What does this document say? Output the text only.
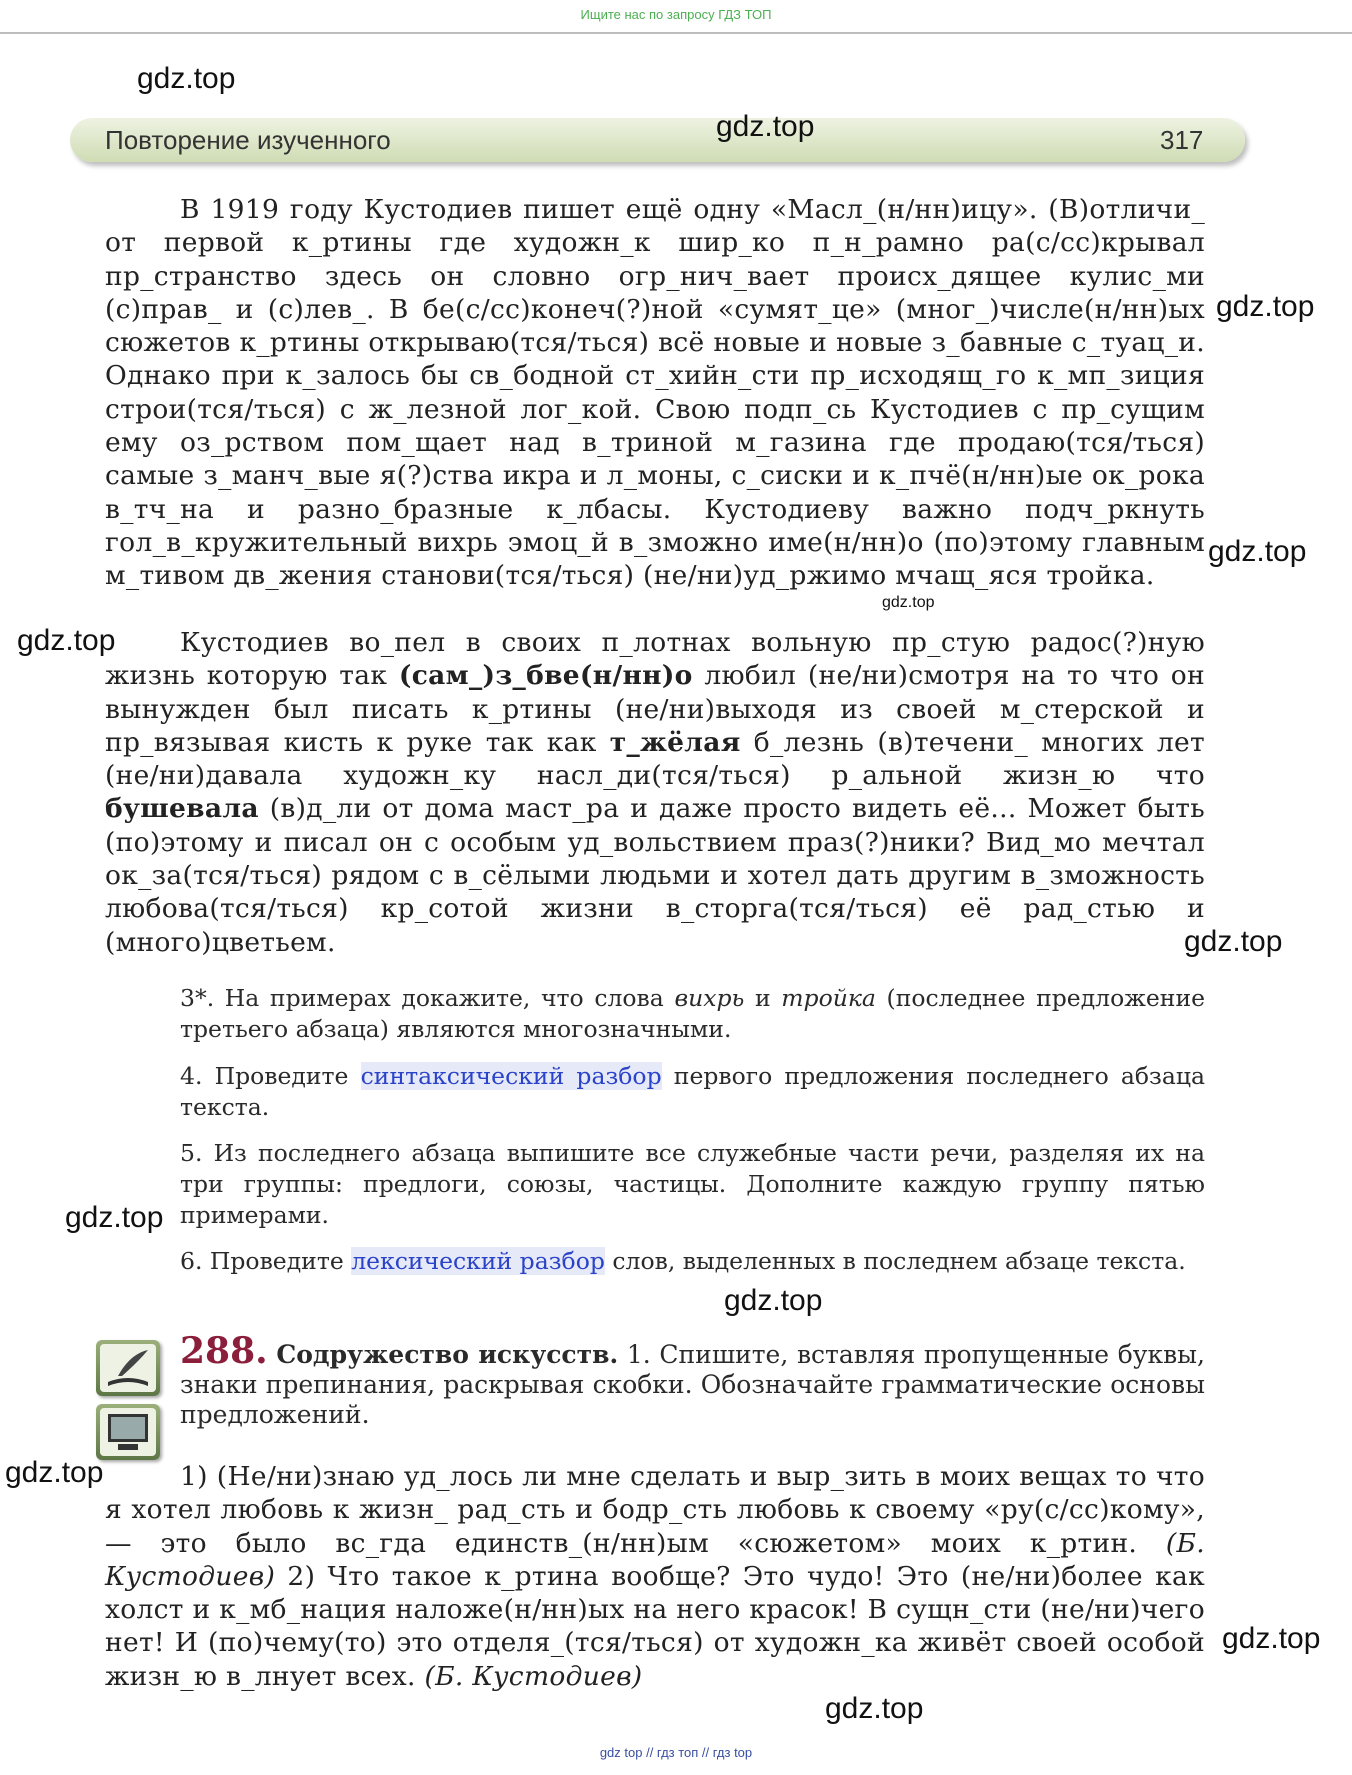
Ищите нас по запросу ГДЗ ТОП
Повторение изученного	317

В 1919 году Кустодиев пишет ещё одну «Масл_(н/нн)ицу». (В)отличи_ от первой к_ртины где художн_к шир_ко п_н_рамно ра(с/сс)крывал пр_странство здесь он словно огр_нич_вает происх_дящее кулис_ми (с)прав_ и (с)лев_. В бе(с/сс)конеч(?)ной «сумят_це» (мног_)числе(н/нн)ых сюжетов к_ртины открываю(тся/ться) всё новые и новые з_бавные с_туац_и. Однако при к_залось бы св_бодной ст_хийн_сти пр_исходящ_го к_мп_зиция строи(тся/ться) с ж_лезной лог_кой. Свою подп_сь Кустодиев с пр_сущим ему оз_рством пом_щает над в_триной м_газина где продаю(тся/ться) самые з_манч_вые я(?)ства икра и л_моны, с_сиски и к_пчё(н/нн)ые ок_рока в_тч_на и разно_бразные к_лбасы. Кустодиеву важно подч_ркнуть гол_в_кружительный вихрь эмоц_й в_зможно име(н/нн)о (по)этому главным м_тивом дв_жения станови(тся/ться) (не/ни)уд_ржимо мчащ_яся тройка.

Кустодиев во_пел в своих п_лотнах вольную пр_стую радос(?)ную жизнь которую так (сам_)з_бве(н/нн)о любил (не/ни)смотря на то что он вынужден был писать к_ртины (не/ни)выходя из своей м_стерской и пр_вязывая кисть к руке так как т_жёлая б_лезнь (в)течени_ многих лет (не/ни)давала художн_ку насл_ди(тся/ться) р_альной жизн_ю что бушевала (в)д_ли от дома маст_ра и даже просто видеть её... Может быть (по)этому и писал он с особым уд_вольствием праз(?)ники? Вид_мо мечтал ок_за(тся/ться) рядом с в_сёлыми людьми и хотел дать другим в_зможность любова(тся/ться) кр_сотой жизни в_сторга(тся/ться) её рад_стью и (много)цветьем.

3*. На примерах докажите, что слова вихрь и тройка (последнее предложение третьего абзаца) являются многозначными.

4. Проведите синтаксический разбор первого предложения последнего абзаца текста.

5. Из последнего абзаца выпишите все служебные части речи, разделяя их на три группы: предлоги, союзы, частицы. Дополните каждую группу пятью примерами.

6. Проведите лексический разбор слов, выделенных в последнем абзаце текста.

288. Содружество искусств. 1. Спишите, вставляя пропущенные буквы, знаки препинания, раскрывая скобки. Обозначайте грамматические основы предложений.

1) (Не/ни)знаю уд_лось ли мне сделать и выр_зить в моих вещах то что я хотел любовь к жизн_ рад_сть и бодр_сть любовь к своему «ру(с/сс)кому», — это было вс_гда единств_(н/нн)ым «сюжетом» моих к_ртин. (Б. Кустодиев) 2) Что такое к_ртина вообще? Это чудо! Это (не/ни)более как холст и к_мб_нация наложе(н/нн)ых на него красок! В сущн_сти (не/ни)чего нет! И (по)чему(то) это отделя_(тся/ться) от художн_ка живёт своей особой жизн_ю в_лнует всех. (Б. Кустодиев)

gdz.top
gdz.top
gdz.top
gdz.top
gdz.top
gdz.top
gdz.top
gdz.top
gdz.top
gdz.top
gdz.top
gdz.top
gdz top // гдз топ // гдз top
